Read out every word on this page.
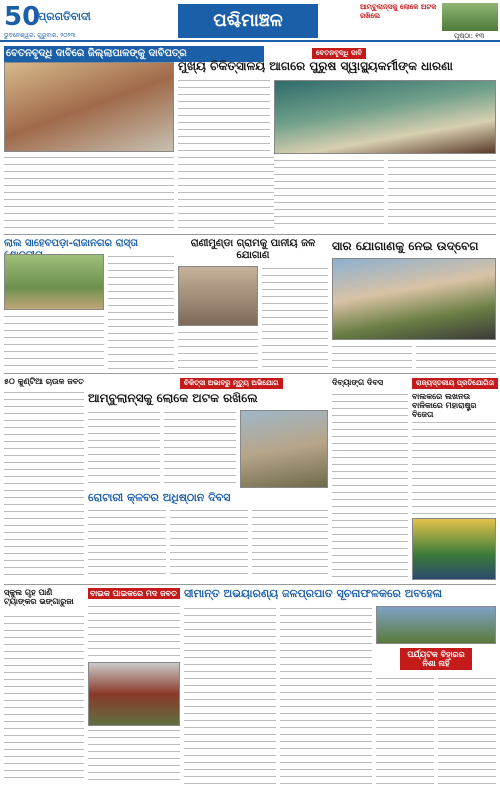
50
ପ୍ରଗତିବାଦୀ
ଭୁବନେଶ୍ୱର, ଗୁରୁବାର, ୨୦୨୩
ପଶ୍ଚିମାଞ୍ଚଳ
ଆମ୍ବୁଲାନ୍ସକୁ ଲୋକେ ଅଟକ ରଖିଲେ
ପୃଷ୍ଠା: ୧୩
ବେତନବୃଦ୍ଧି ଦାବିରେ ଜିଲ୍ଲାପାଳଙ୍କୁ ଦାବିପତ୍ର	ବେତନବୃଦ୍ଧି ଦାବି
ମୁଖ୍ୟ ଚିକିତ୍ସାଳୟ ଆଗରେ ପୁରୁଷ ସ୍ୱାସ୍ଥ୍ୟକର୍ମୀଙ୍କ ଧାରଣା
ଲାଲ ସାହେବପଡ଼ା-ରାଜାନଗର ରାସ୍ତା	ରାଣୀମୁଣ୍ଡା ଗ୍ରାମକୁ ପାନୀୟ ଜଳ ଯୋଗାଣ
ସାର ଯୋଗାଣକୁ ନେଇ ଉଦ୍ବେଗ
୫୦ କୁଣ୍ଟିଆ ଚାଉଳ ଜବତ	ଚିକିତ୍ସା ଅଭାବରୁ ମୃତ୍ୟୁ ଅଭିଯୋଗ
ଆମ୍ବୁଲାନ୍ସକୁ ଲୋକେ ଅଟକ ରଖିଲେ
ଦିବ୍ୟାଙ୍ଗ ଦିବସ	ରାଜ୍ୟସ୍ତରୀୟ ପ୍ରତିଯୋଗିତା
ବାଲକରେ ଲଖନଉ ବାଳିକାରେ ମହାରାଷ୍ଟ୍ର ବିଜେତା
ରୋଟାରୀ କ୍ଳବର ଅଧିଷ୍ଠାନ ଦିବସ
ସ୍କୁଲ ଗୃହ ପାଣି ଟ୍ୟାଙ୍କର ଭଙ୍ଗାରୁଜା
ବାଇକ ପାଇକରେ ମଦ ଜବତ ସୀମାନ୍ତ ଅଭୟାରଣ୍ୟ ଜଳପ୍ରପାତ ସୂଚନାଫଳକରେ ଅବହେଳା
ପର୍ଯ୍ୟଟକ ବିହାରର ନିଶା ନାହିଁ
